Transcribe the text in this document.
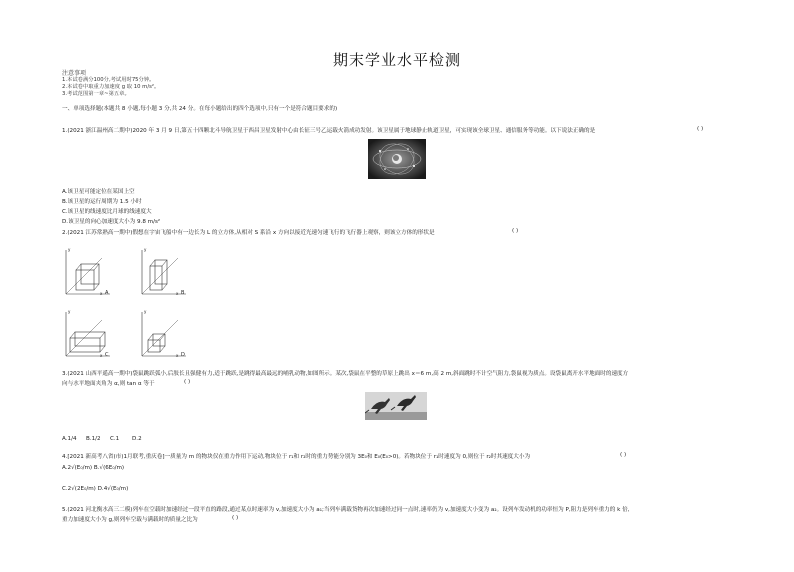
期末学业水平检测
注意事项
1.本试卷满分100分,考试用时75分钟。
2.本试卷中取重力加速度 g 取 10 m/s²。
3.考试范围第一章~第五章。
一、单项选择题(本题共 8 小题,每小题 3 分,共 24 分。在每小题给出的四个选项中,只有一个是符合题目要求的)
1.(2021 浙江温州高二期中)2020 年 3 月 9 日,第五十四颗北斗导航卫星于西昌卫星发射中心由长征三号乙运载火箭成功发射。该卫星属于地球静止轨道卫星，可实现该全球卫星、通信服务等功能。以下说法正确的是	( )
A.该卫星可能定位在某国上空
B.该卫星的运行周期为 1.5 小时
C.该卫星的线速度比月球的线速度大
D.该卫星的向心加速度大小为 9.8 m/s²
2.(2021 江苏常熟高一期中)假想在宇宙飞船中有一边长为 L 的立方体,从相对 S 系沿 x 方向以接近光速匀速飞行的飞行器上观察，则该立方体的形状是	( )
A
x
y
B
x
y
C
x
y
D
x
y
3.(2021 山西平遥高一期中)袋鼠跳跃弧小,后肢长且强健有力,适于跳跃,是跳得最高最远的哺乳动物,如图所示。某次,袋鼠在平整的草原上跳出 x＝6 m,高 2 m,斜面跳时不计空气阻力,袋鼠视为质点。设袋鼠离开水平地面时的速度方
向与水平地面夹角为 α,则 tan α 等于	( )
A.1/4 B.1/2 C.1 D.2
4.[2021 新高考八省(市)1月联考,重庆卷]一质量为 m 的物块仅在重力作用下运动,物块位于 r₁和 r₂时的重力势能分别为 3E₀和 E₀(E₀>0)。若物块位于 r₁时速度为 0,则位于 r₂时其速度大小为	( )
A.2√(E₀/m) B.√(6E₀/m)
C.2√(2E₀/m) D.4√(E₀/m)
5.(2021 河北衡水高三二模)列车在空载时加速经过一段平直的路段,通过某点时速率为 v,加速度大小为 a₁;当列车满载货物再次加速经过同一点时,速率仍为 v,加速度大小变为 a₂。设列车发动机的功率恒为 P,阻力是列车重力的 k 倍,
重力加速度大小为 g,则列车空载与满载时的质量之比为	( )
